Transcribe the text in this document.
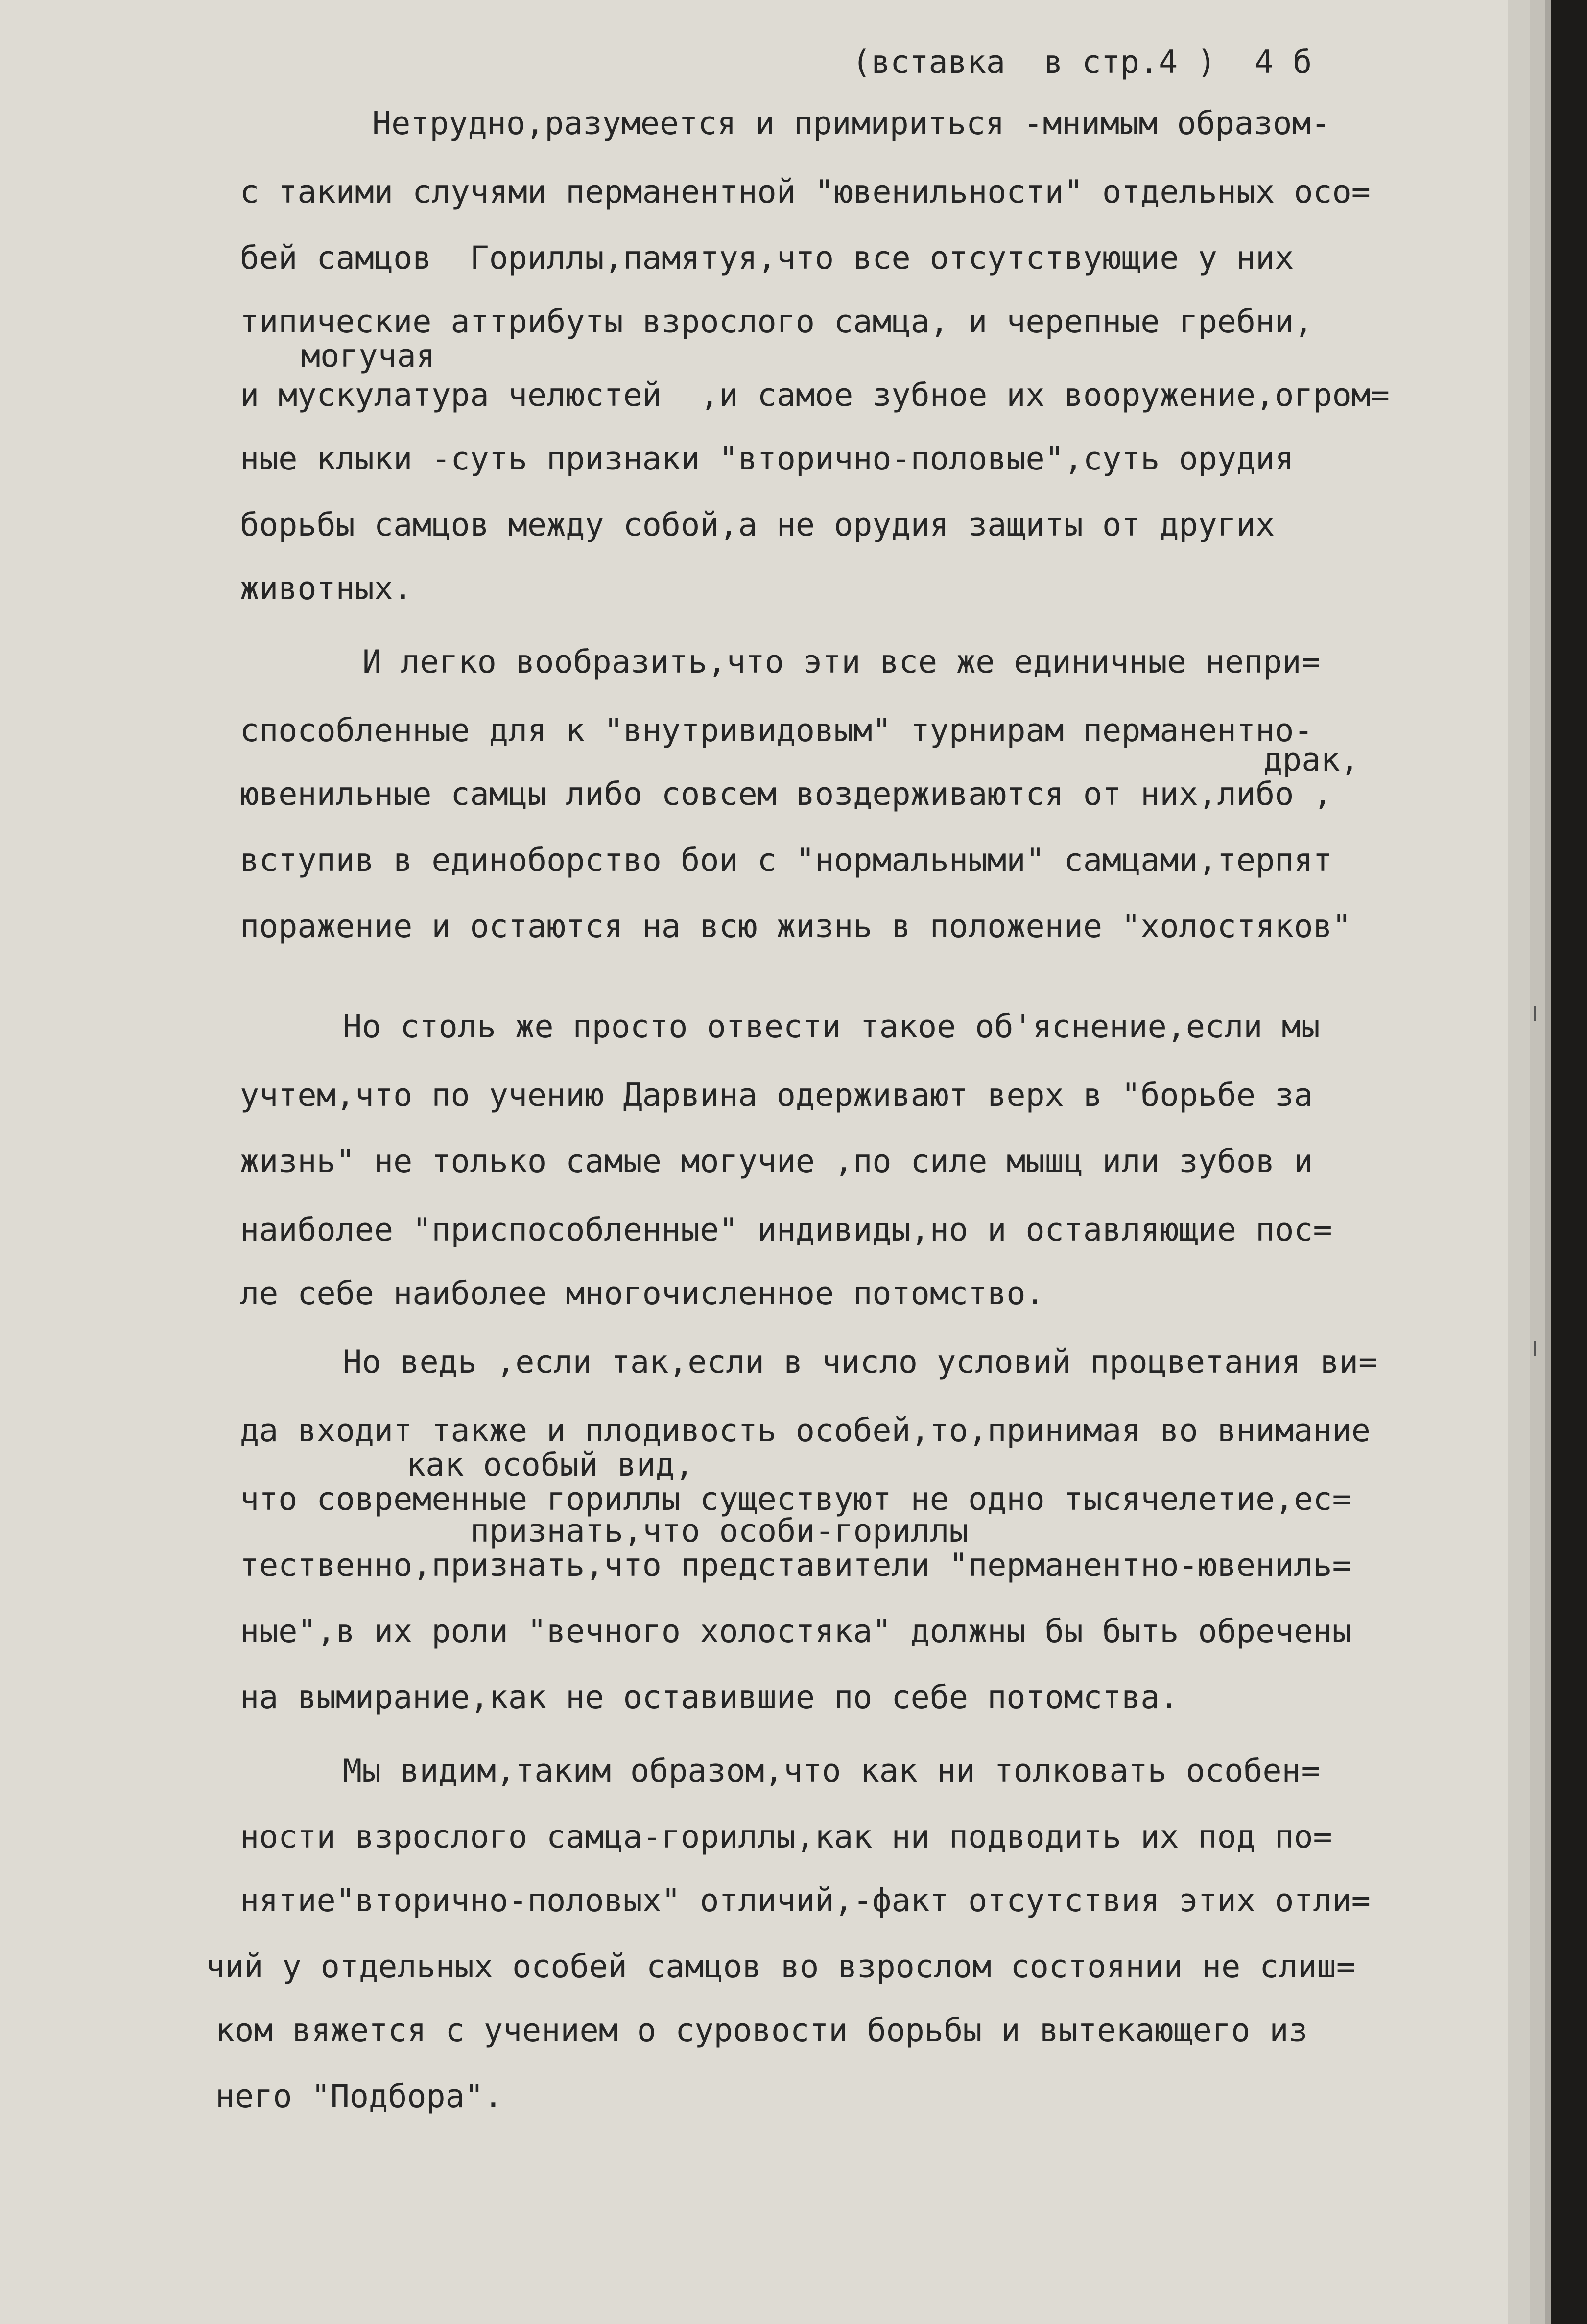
(вставка  в стр.4 )  4 б
Нетрудно,разумеется и примириться -мнимым образом-
с такими случями перманентной "ювенильности" отдельных осо=
бей самцов  Гориллы,памятуя,что все отсутствующие у них
типические аттрибуты взрослого самца, и черепные гребни,
могучая
и мускулатура челюстей  ,и самое зубное их вооружение,огром=
ные клыки -суть признаки "вторично-половые",суть орудия
борьбы самцов между собой,а не орудия защиты от других
животных.
И легко вообразить,что эти все же единичные непри=
способленные для к "внутривидовым" турнирам перманентно-
драк,
ювенильные самцы либо совсем воздерживаются от них,либо ,
вступив в единоборство бои с "нормальными" самцами,терпят
поражение и остаются на всю жизнь в положение "холостяков"
Но столь же просто отвести такое об'яснение,если мы
учтем,что по учению Дарвина одерживают верх в "борьбе за
жизнь" не только самые могучие ,по силе мышц или зубов и
наиболее "приспособленные" индивиды,но и оставляющие пос=
ле себе наиболее многочисленное потомство.
Но ведь ,если так,если в число условий процветания ви=
да входит также и плодивость особей,то,принимая во внимание
как особый вид,
что современные гориллы существуют не одно тысячелетие,ес=
признать,что особи-гориллы
тественно,признать,что представители "перманентно-ювениль=
ные",в их роли "вечного холостяка" должны бы быть обречены
на вымирание,как не оставившие по себе потомства.
Мы видим,таким образом,что как ни толковать особен=
ности взрослого самца-гориллы,как ни подводить их под по=
нятие"вторично-половых" отличий,-факт отсутствия этих отли=
чий у отдельных особей самцов во взрослом состоянии не слиш=
ком вяжется с учением о суровости борьбы и вытекающего из
него "Подбора".
